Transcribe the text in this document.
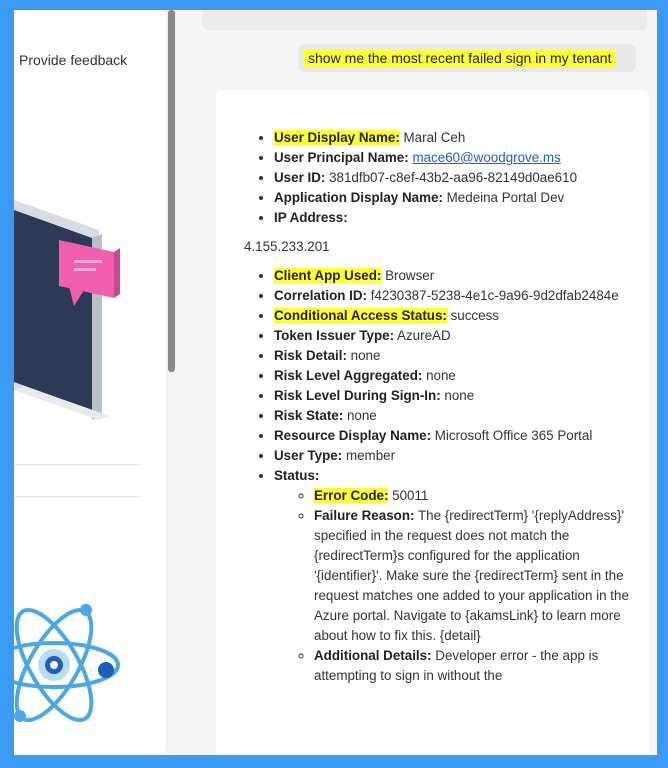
Provide feedback	show me the most recent failed sign in my tenant
• User Display Name: Maral Ceh
• User Principal Name: mace60@woodgrove.ms
• User ID: 381dfb07-c8ef-43b2-aa96-82149d0ae610
• Application Display Name: Medeina Portal Dev
• IP Address:
4.155.233.201
• Client App Used: Browser
• Correlation ID: f4230387-5238-4e1c-9a96-9d2dfab2484e
• Conditional Access Status: success
• Token Issuer Type: AzureAD
• Risk Detail: none
• Risk Level Aggregated: none
• Risk Level During Sign-In: none
• Risk State: none
• Resource Display Name: Microsoft Office 365 Portal
• User Type: member
• Status:
◦ Error Code: 50011
◦ Failure Reason: The {redirectTerm} '{replyAddress}' specified in the request does not match the {redirectTerm}s configured for the application '{identifier}'. Make sure the {redirectTerm} sent in the request matches one added to your application in the Azure portal. Navigate to {akamsLink} to learn more about how to fix this. {detail}
◦ Additional Details: Developer error - the app is attempting to sign in without the
